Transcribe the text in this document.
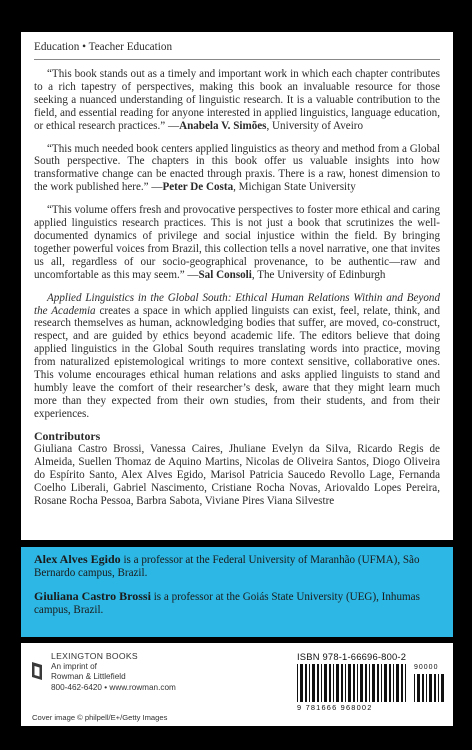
Education • Teacher Education

“This book stands out as a timely and important work in which each chapter contributes to a rich tapestry of perspectives, making this book an invaluable resource for those seeking a nuanced understanding of linguistic research. It is a valuable contribution to the field, and essential reading for anyone interested in applied linguistics, language education, or ethical research practices.” —Anabela V. Simões, University of Aveiro

“This much needed book centers applied linguistics as theory and method from a Global South perspective. The chapters in this book offer us valuable insights into how transformative change can be enacted through praxis. There is a raw, honest dimension to the work published here.” —Peter De Costa, Michigan State University

“This volume offers fresh and provocative perspectives to foster more ethical and caring applied linguistics research practices. This is not just a book that scrutinizes the well-documented dynamics of privilege and social injustice within the field. By bringing together powerful voices from Brazil, this collection tells a novel narrative, one that invites us all, regardless of our socio-geographical provenance, to be authentic—raw and uncomfortable as this may seem.” —Sal Consoli, The University of Edinburgh

Applied Linguistics in the Global South: Ethical Human Relations Within and Beyond the Academia creates a space in which applied linguists can exist, feel, relate, think, and research themselves as human, acknowledging bodies that suffer, are moved, co-construct, respect, and are guided by ethics beyond academic life. The editors believe that doing applied linguistics in the Global South requires translating words into practice, moving from naturalized epistemological writings to more context sensitive, collaborative ones. This volume encourages ethical human relations and asks applied linguists to stand and humbly leave the comfort of their researcher’s desk, aware that they might learn much more than they expected from their own studies, from their students, and from their experiences.

Contributors

Giuliana Castro Brossi, Vanessa Caires, Jhuliane Evelyn da Silva, Ricardo Regis de Almeida, Suellen Thomaz de Aquino Martins, Nicolas de Oliveira Santos, Diogo Oliveira do Espírito Santo, Alex Alves Egido, Marisol Patricia Saucedo Revollo Lage, Fernanda Coelho Liberali, Gabriel Nascimento, Cristiane Rocha Novas, Ariovaldo Lopes Pereira, Rosane Rocha Pessoa, Barbra Sabota, Viviane Pires Viana Silvestre

Alex Alves Egido is a professor at the Federal University of Maranhão (UFMA), São Bernardo campus, Brazil.

Giuliana Castro Brossi is a professor at the Goiás State University (UEG), Inhumas campus, Brazil.

LEXINGTON BOOKS
An imprint of
Rowman & Littlefield
800-462-6420 • www.rowman.com
Cover image © philpell/E+/Getty Images
ISBN 978-1-66696-800-2
90000
9 781666 968002
